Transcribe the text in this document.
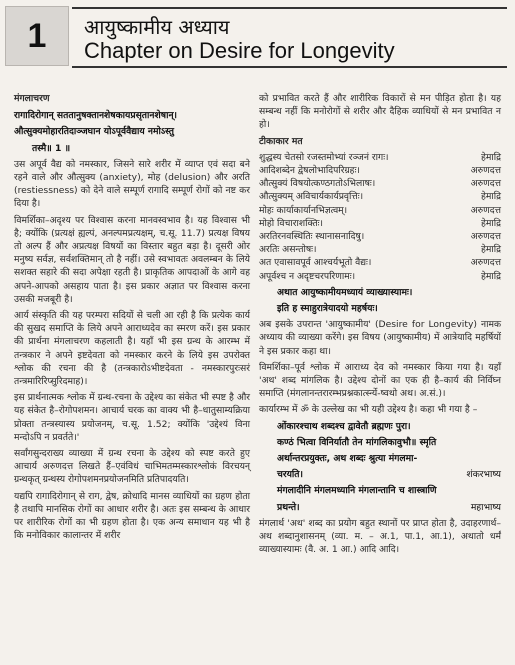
1	आयुष्कामीय अध्याय
Chapter on Desire for Longevity

मंगलाचरण

रागादिरोगान् सततानुषक्तानशेषकायप्रसृतानशेषान्।

औत्सुक्यमोहारतिदाञ्जघान योऽपूर्ववैद्याय नमोऽस्तु

तस्मै॥ 1 ॥

उस अपूर्व वैद्य को नमस्कार, जिसने सारे शरीर में व्याप्त एवं सदा बने रहने वाले और औत्सुक्य (anxiety), मोह (delusion) और अरति (restiessness) को देने वाले सम्पूर्ण रागादि सम्पूर्ण रोगों को नष्ट कर दिया है।

विमर्शिका–अदृश्य पर विश्वास करना मानवस्वभाव है। यह विश्वास भी है; क्योंकि (प्रत्यक्षं ह्यल्पं, अनल्पमप्रत्यक्षम्, च.सू. 11.7) प्रत्यक्ष विषय तो अल्प हैं और अप्रत्यक्ष विषयों का विस्तार बहुत बड़ा है। दूसरी ओर मनुष्य सर्वज्ञ, सर्वशक्तिमान् तो है नहीं। उसे स्वभावतः अवलम्बन के लिये सशक्त सहारे की सदा अपेक्षा रहती है। प्राकृतिक आपदाओं के आगे वह अपने-आपको असहाय पाता है। इस प्रकार अज्ञात पर विश्वास करना उसकी मजबूरी है।

आर्य संस्कृति की यह परम्परा सदियों से चली आ रही है कि प्रत्येक कार्य की सुखद समाप्ति के लिये अपने आराध्यदेव का स्मरण करें। इस प्रकार की प्रार्थना मंगलाचरण कहलाती है। यहाँ भी इस ग्रन्थ के आरम्भ में तन्त्रकार ने अपने इष्टदेवता को नमस्कार करने के लिये इस उपरोक्त श्लोक की रचना की है (तन्त्रकारोऽभीष्टदेवता - नमस्कारपुरःसरं तन्त्रमारिरिप्सुरिदमाह)।

इस प्रार्थनात्मक श्लोक में ग्रन्थ-रचना के उद्देश्य का संकेत भी स्पष्ट है और यह संकेत है–रोगोपशमन। आचार्य चरक का वाक्य भी है–धातुसाम्यक्रिया प्रोक्ता तन्त्रस्यास्य प्रयोजनम्, च.सू. 1.52; क्योंकि 'उद्देश्यं विना मन्दोऽपि न प्रवर्तते।'

सर्वांगसुन्दराख्य व्याख्या में ग्रन्थ रचना के उद्देश्य को स्पष्ट करते हुए आचार्य अरुणदत्त लिखते हैं–एवंविधं चाभिमतम्मस्कारश्लोकं विरचयन् ग्रन्थकृत् ग्रन्थस्य रोगोपशमनप्रयोजनमिति प्रतिपादयति।

यद्यपि रागादिरोगान् से राग, द्वेष, क्रोधादि मानस व्याधियों का ग्रहण होता है तथापि मानसिक रोगों का आधार शरीर है। अतः इस सम्बन्ध के आधार पर शारीरिक रोगों का भी ग्रहण होता है। एक अन्य समाधान यह भी है कि मनोविकार कालान्तर में शरीर

को प्रभावित करते हैं और शारीरिक विकारों से मन पीड़ित होता है। यह सम्बन्ध नहीं कि मनोरोगों से शरीर और दैहिक व्याधियों से मन प्रभावित न हो।

टीकाकार मत

शुद्धस्य चेतसो रजस्तमोभ्यां रञ्जनं रागः।	हेमाद्रि
आदिशब्देन द्वेषलोभादिपरिग्रहः।	अरुणदत्त
औत्सुक्यं विषयोत्कण्ठगतोऽभिलाषः।	अरुणदत्त
औत्सुक्यम् अविचार्यकार्यप्रवृत्तिः।	हेमाद्रि
मोहः कार्याकार्यानभिज्ञत्वम्।	अरुणदत्त
मोहो विचाराशक्तिः।	हेमाद्रि
अरतिरनवस्थितिः स्थानासनादिषु।	अरुणदत्त
अरतिः असन्तोषः।	हेमाद्रि
अत एवासावपूर्व आश्चर्यभूतो वैद्यः।	अरुणदत्त
अपूर्वश्च न अदृष्टचरपरिणामः।	हेमाद्रि

अथात आयुष्कामीयमध्यायं व्याख्यास्यामः।

इति ह स्माहुरात्रेयादयो महर्षयः।

अब इसके उपरान्त 'आयुष्कामीय' (Desire for Longevity) नामक अध्याय की व्याख्या करेंगे। इस विषय (आयुष्कामीय) में आत्रेयादि महर्षियों ने इस प्रकार कहा था।

विमर्शिका–पूर्व श्लोक में आराध्य देव को नमस्कार किया गया है। यहाँ 'अथ' शब्द मांगलिक है। उद्देश्य दोनों का एक ही है–कार्य की निर्विघ्न समाप्ति (मंगलानन्तरारम्भप्रश्नकार्त्स्न्ये-ष्वथो अथ। अ.सं.)।

कार्यारम्भ में ॐ के उल्लेख का भी यही उद्देश्य है। कहा भी गया है –

ओंकारश्चाथ शब्दश्च द्वावेतौ ब्रह्मणः पुरा।

कण्ठं भित्वा विनिर्यातौ तेन मांगलिकावुभौ॥ स्मृति

अर्थान्तरप्रयुक्तः, अथ शब्दः श्रुत्या मंगलमा-

चरयति।	शंकरभाष्य

मंगलादीनि मंगलमध्यानि मंगलान्तानि च शास्त्राणि

प्रथन्ते।	महाभाष्य

मंगलार्थ 'अथ' शब्द का प्रयोग बहुत स्थानों पर प्राप्त होता है, उदाहरणार्थ–अथ शब्दानुशासनम् (व्या. म. – अ.1, पा.1, आ.1), अथातो धर्मं व्याख्यास्यामः (वै. अ. 1 आ.) आदि आदि।
